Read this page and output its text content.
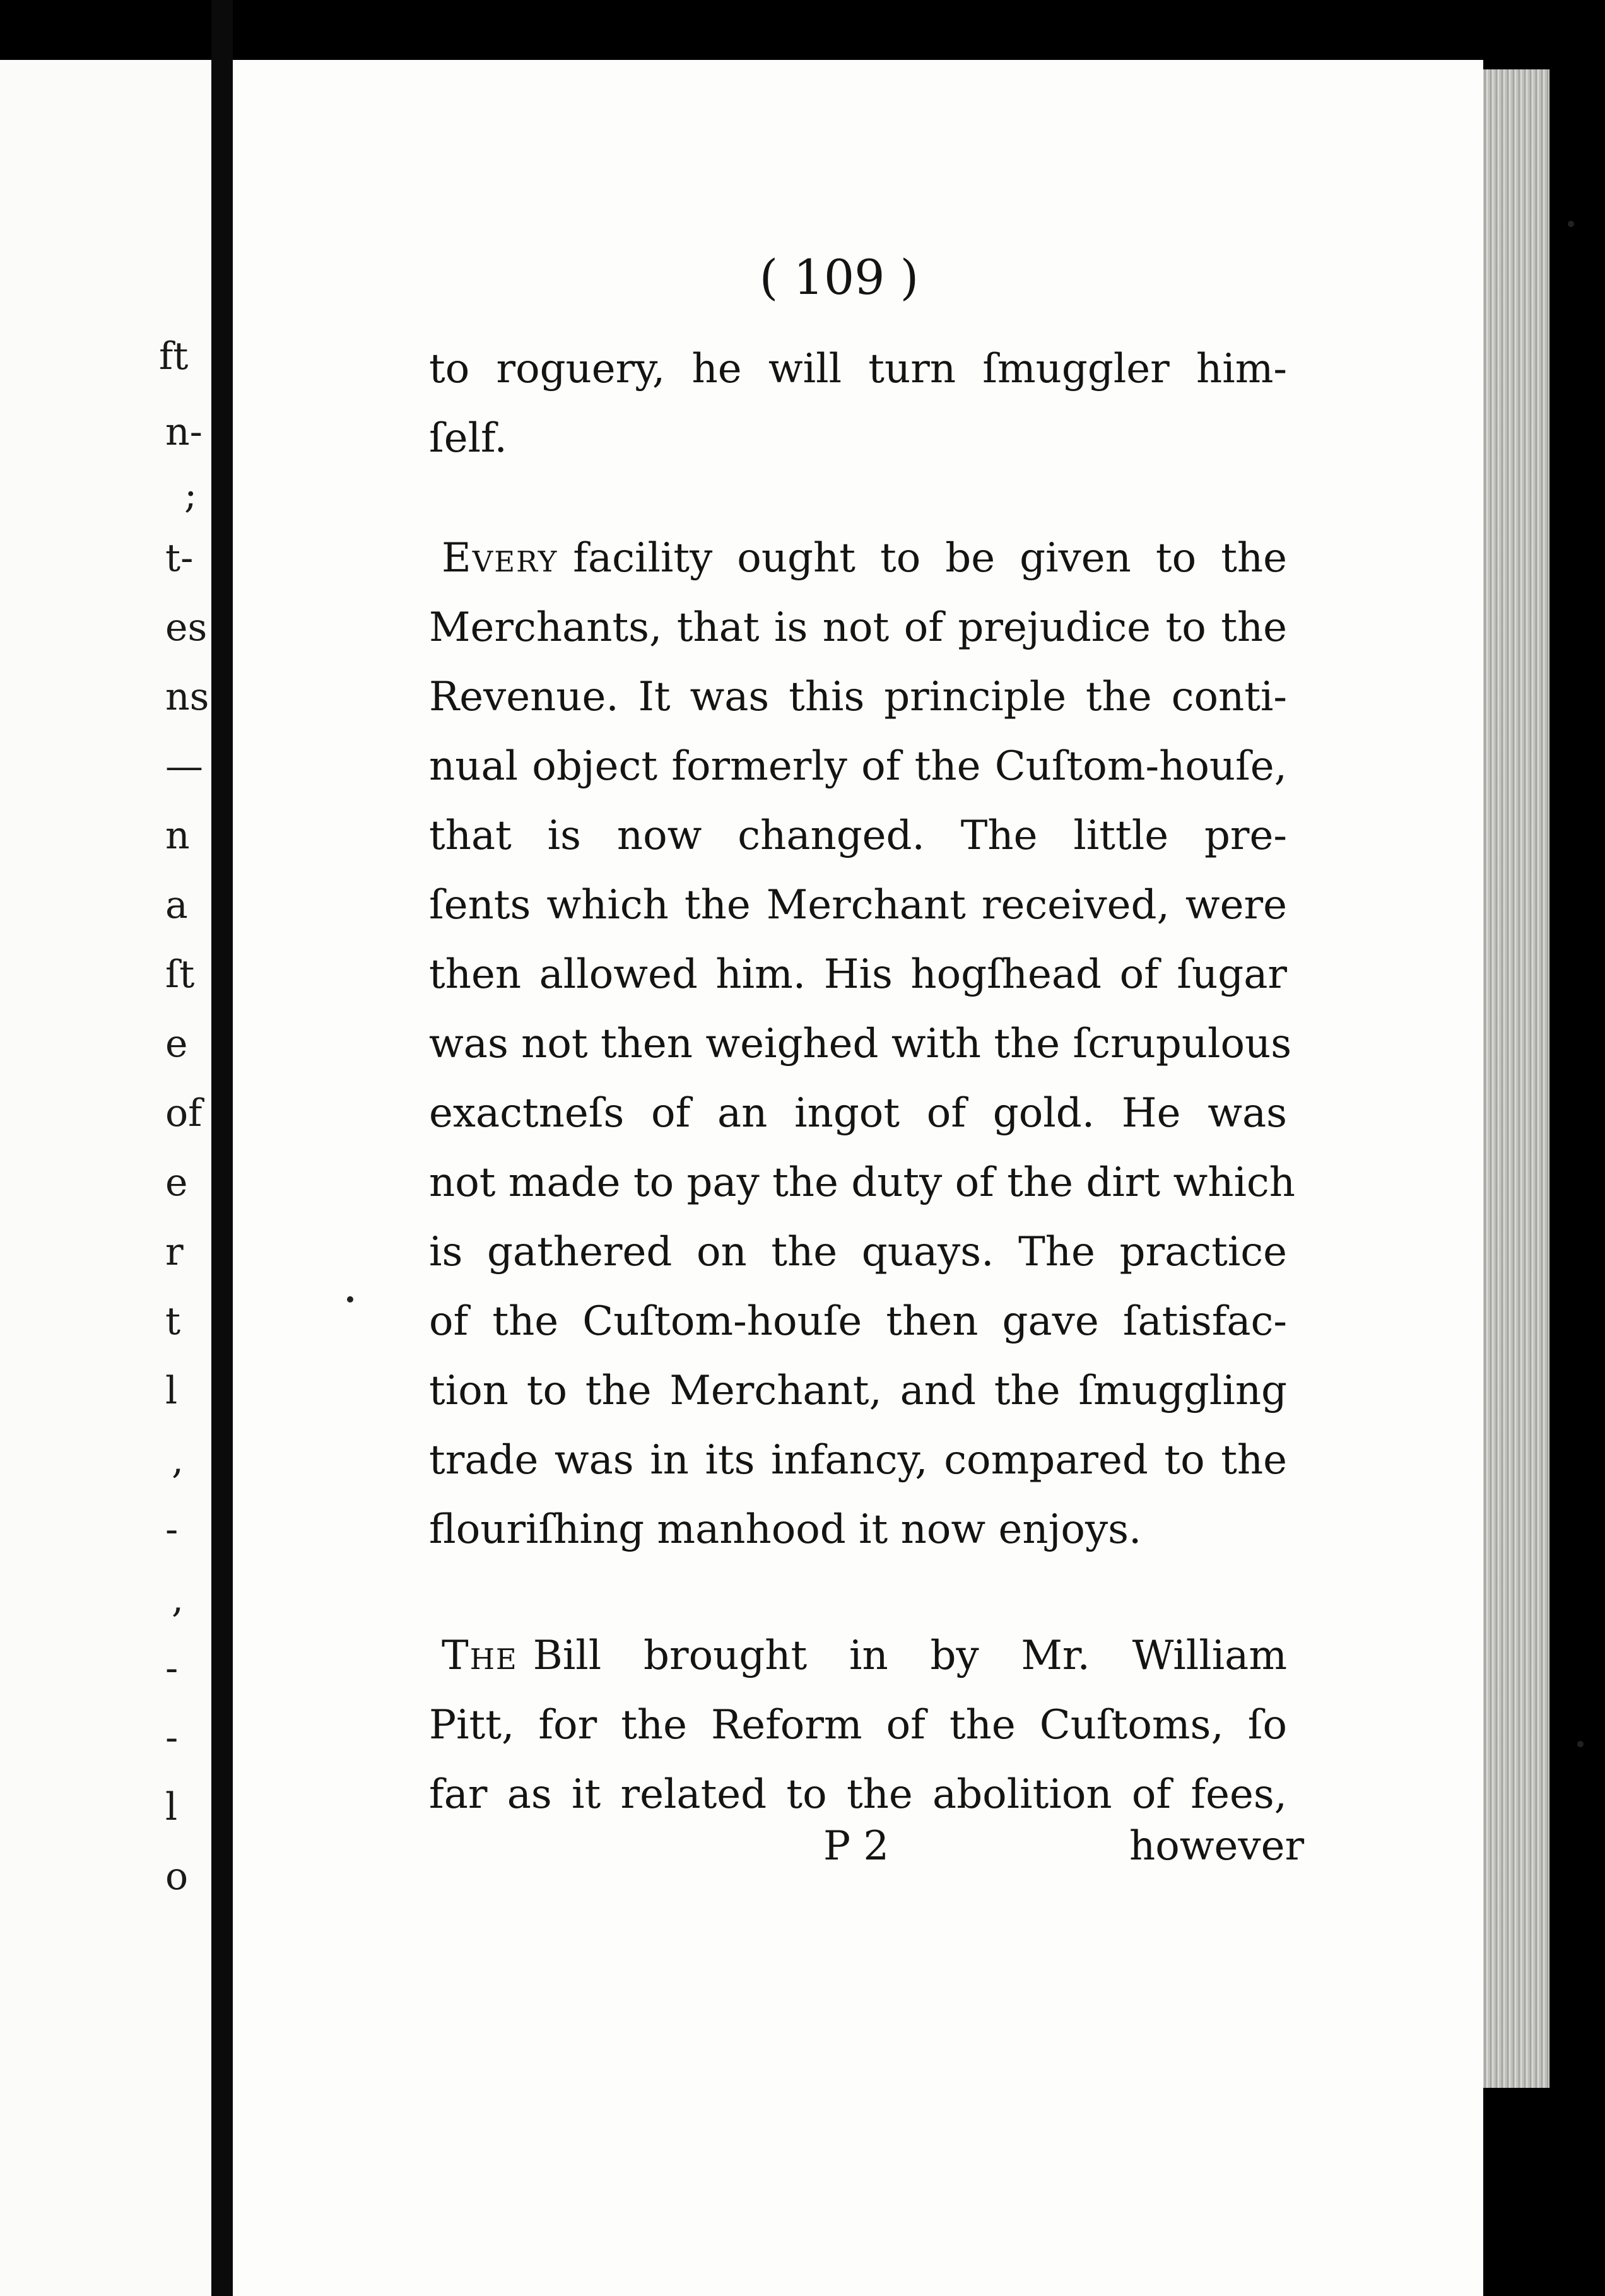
ft
n-
;
t-
es
ns
—
n
a
ſt
e
of
e
r
t
l
,
-
,
-
-
l
o
( 109 )
to roguery, he will turn ſmuggler him-
ſelf.
Every facility ought to be given to the
Merchants, that is not of prejudice to the
Revenue. It was this principle the conti-
nual object formerly of the Cuſtom-houſe,
that is now changed. The little pre-
ſents which the Merchant received, were
then allowed him. His hogſhead of ſugar
was not then weighed with the ſcrupulous
exactneſs of an ingot of gold. He was
not made to pay the duty of the dirt which
is gathered on the quays. The practice
of the Cuſtom-houſe then gave ſatisfac-
tion to the Merchant, and the ſmuggling
trade was in its infancy, compared to the
flouriſhing manhood it now enjoys.
The Bill brought in by Mr. William
Pitt, for the Reform of the Cuſtoms, ſo
far as it related to the abolition of fees,
P 2	however
